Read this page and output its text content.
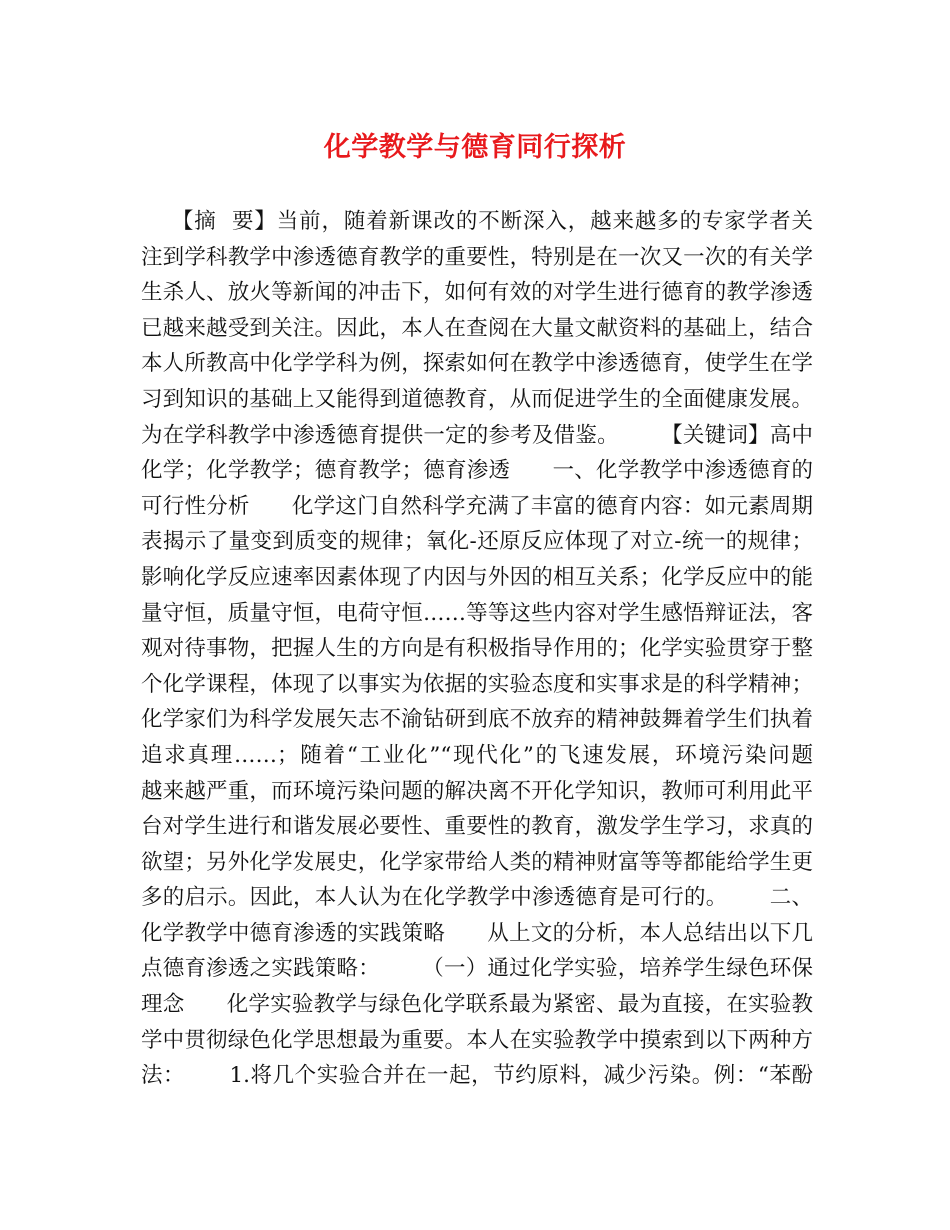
化学教学与德育同行探析
【摘  要】当前，随着新课改的不断深入，越来越多的专家学者关
注到学科教学中渗透德育教学的重要性，特别是在一次又一次的有关学
生杀人、放火等新闻的冲击下，如何有效的对学生进行德育的教学渗透
已越来越受到关注。因此，本人在查阅在大量文献资料的基础上，结合
本人所教高中化学学科为例，探索如何在教学中渗透德育，使学生在学
习到知识的基础上又能得到道德教育，从而促进学生的全面健康发展。
为在学科教学中渗透德育提供一定的参考及借鉴。      【关键词】高中
化学；化学教学；德育教学；德育渗透      一、化学教学中渗透德育的
可行性分析      化学这门自然科学充满了丰富的德育内容：如元素周期
表揭示了量变到质变的规律；氧化-还原反应体现了对立-统一的规律；
影响化学反应速率因素体现了内因与外因的相互关系；化学反应中的能
量守恒，质量守恒，电荷守恒……等等这些内容对学生感悟辩证法，客
观对待事物，把握人生的方向是有积极指导作用的；化学实验贯穿于整
个化学课程，体现了以事实为依据的实验态度和实事求是的科学精神；
化学家们为科学发展矢志不渝钻研到底不放弃的精神鼓舞着学生们执着
追求真理……；随着“工业化”“现代化”的飞速发展，环境污染问题
越来越严重，而环境污染问题的解决离不开化学知识，教师可利用此平
台对学生进行和谐发展必要性、重要性的教育，激发学生学习，求真的
欲望；另外化学发展史，化学家带给人类的精神财富等等都能给学生更
多的启示。因此，本人认为在化学教学中渗透德育是可行的。      二、
化学教学中德育渗透的实践策略      从上文的分析，本人总结出以下几
点德育渗透之实践策略：      （一）通过化学实验，培养学生绿色环保
理念      化学实验教学与绿色化学联系最为紧密、最为直接，在实验教
学中贯彻绿色化学思想最为重要。本人在实验教学中摸索到以下两种方
法：      1.将几个实验合并在一起，节约原料，减少污染。例：“苯酚
